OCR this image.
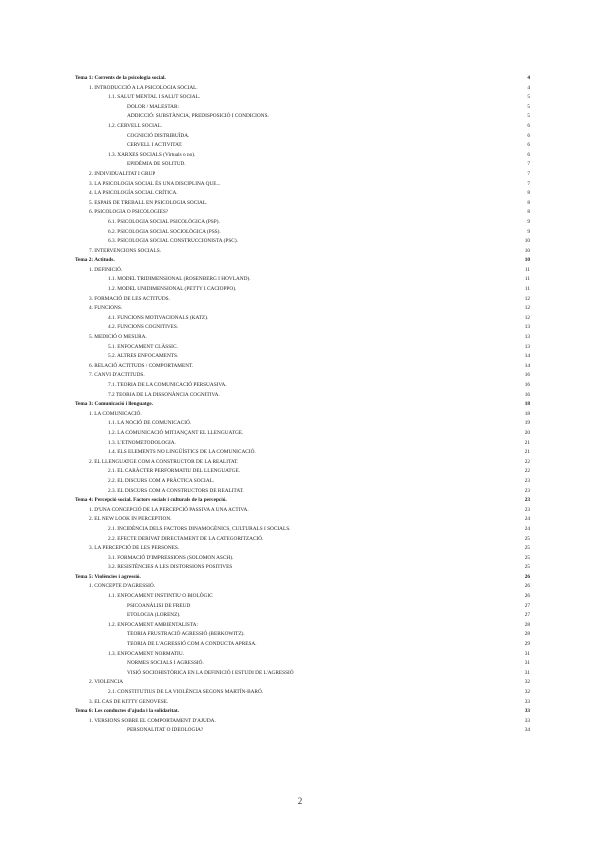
Tema 1: Corrents de la psicologia social.	4
1. INTRODUCCIÓ A LA PSICOLOGIA SOCIAL.	4
1.1. SALUT MENTAL I SALUT SOCIAL.	5
DOLOR / MALESTAR:	5
ADDICCIÓ: SUBSTÀNCIA, PREDISPOSICIÓ I CONDICIONS.	5
1.2. CERVELL SOCIAL.	6
COGNICIÓ DISTRIBUÏDA.	6
CERVELL I ACTIVITAT.	6
1.3. XARXES SOCIALS (Virtuals o no).	6
EPIDÈMIA DE SOLITUD.	7
2. INDIVIDUALITAT I GRUP	7
3. LA PSICOLOGIA SOCIAL ÉS UNA DISCIPLINA QUE...	7
4. LA PSICOLOGÍA SOCIAL CRÍTICA.	8
5. ESPAIS DE TREBALL EN PSICOLOGIA SOCIAL.	8
6. PSICOLOGIA O PSICOLOGIES?	8
6.1. PSICOLOGIA SOCIAL PSICOLÒGICA (PSP).	9
6.2. PSICOLOGIA SOCIAL SOCIOLÒGICA (PSS).	9
6.3. PSICOLOGIA SOCIAL CONSTRUCCIONISTA (PSC).	10
7. INTERVENCIONS SOCIALS.	10
Tema 2: Actituds.	10
1. DEFINICIÓ.	11
1.1. MODEL TRIDIMENSIONAL (ROSENBERG I HOVLAND).	11
1.2. MODEL UNIDIMENSIONAL (PETTY I CACIOPPO).	11
3. FORMACIÓ DE LES ACTITUDS.	12
4. FUNCIONS.	12
4.1. FUNCIONS MOTIVACIONALS (KATZ).	12
4.2. FUNCIONS COGNITIVES.	13
5. MEDICIÓ O MESURA.	13
5.1. ENFOCAMENT CLÀSSIC.	13
5.2. ALTRES ENFOCAMENTS.	14
6. RELACIÓ ACTITUDS / COMPORTAMENT.	14
7. CANVI D'ACTITUDS.	16
7.1. TEORIA DE LA COMUNICACIÓ PERSUASIVA.	16
7.2 TEORIA DE LA DISSONÀNCIA COGNITIVA.	16
Tema 3: Comunicació i llenguatge.	18
1. LA COMUNICACIÓ.	18
1.1. LA NOCIÓ DE COMUNICACIÓ.	19
1.2. LA COMUNICACIÓ MITJANÇANT EL LLENGUATGE.	20
1.3. L'ETNOMETODOLOGIA.	21
1.4. ELS ELEMENTS NO LINGÜÍSTICS DE LA COMUNICACIÓ.	21
2. EL LLENGUATGE COM A CONSTRUCTOR DE LA REALITAT.	22
2.1. EL CARÀCTER PERFORMATIU DEL LLENGUATGE.	22
2.2. EL DISCURS COM A PRÀCTICA SOCIAL.	23
2.3. EL DISCURS COM A CONSTRUCTORS DE REALITAT.	23
Tema 4: Percepció social. Factors socials i culturals de la percepció.	23
1. D'UNA CONCEPCIÓ DE LA PERCEPCIÓ PASSIVA A UNA ACTIVA.	23
2. EL NEW LOOK IN PERCEPTION.	24
2.1. INCIDÈNCIA DELS FACTORS DINAMOGÈNICS, CULTURALS I SOCIALS.	24
2.2. EFECTE DERIVAT DIRECTAMENT DE LA CATEGORITZACIÓ.	25
3. LA PERCEPCIÓ DE LES PERSONES.	25
3.1. FORMACIÓ D'IMPRESSIONS (SOLOMON ASCH).	25
3.2. RESISTÈNCIES A LES DISTORSIONS POSITIVES	25
Tema 5: Violències i agressió.	26
1. CONCEPTE D'AGRESSIÓ.	26
1.1. ENFOCAMENT INSTINTIU O BIOLÒGIC	26
PSICOANÀLISI DE FREUD	27
ETOLOGIA (LORENZ).	27
1.2. ENFOCAMENT AMBIENTALISTA:	28
TEORIA FRUSTRACIÓ AGRESSIÓ (BERKOWITZ).	28
TEORIA DE L'AGRESSIÓ COM A CONDUCTA APRESA.	29
1.3. ENFOCAMENT NORMATIU.	31
NORMES SOCIALS I AGRESSIÓ.	31
VISIÓ SOCIOHISTÒRICA EN LA DEFINICIÓ I ESTUDI DE L'AGRESSIÓ	31
2. VIOLENCIA	32
2.1. CONSTITUTIUS DE LA VIOLÈNCIA SEGONS MARTÍN-BARÓ.	32
3. EL CAS DE KITTY GENOVESE.	33
Tema 6: Les conductes d'ajuda i la solidaritat.	33
1. VERSIONS SOBRE EL COMPORTAMENT D'AJUDA.	33
PERSONALITAT O IDEOLOGIA?	34
2
